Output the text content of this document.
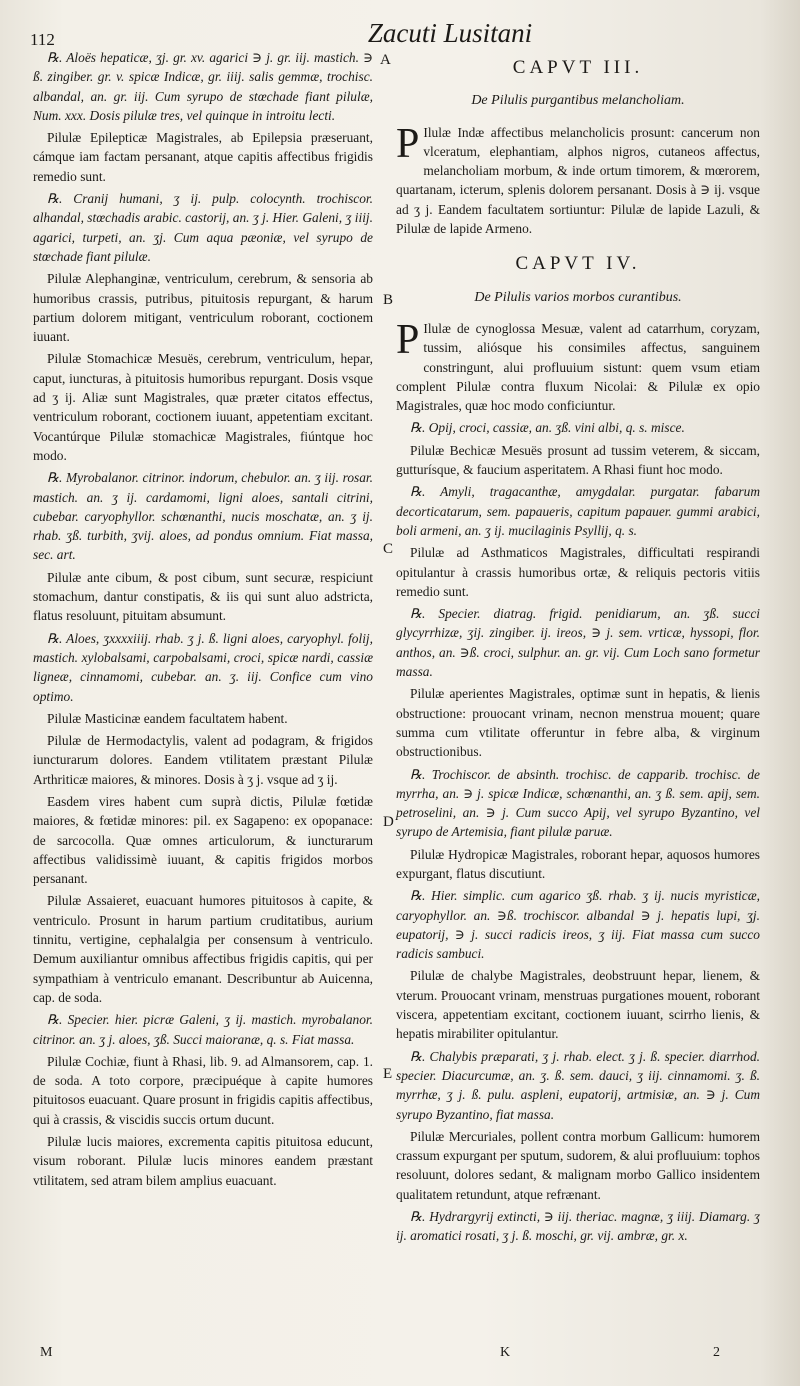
112	Zacuti Lusitani
A
B
C
D
E

℞. Aloës hepaticæ, ʒj. gr. xv. agarici ∋ j. gr. iij. mastich. ∋ ß. zingiber. gr. v. spicæ Indicæ, gr. iiij. salis gemmæ, trochisc. albandal, an. gr. iij. Cum syrupo de stœchade fiant pilulæ, Num. xxx. Dosis pilulæ tres, vel quinque in introitu lecti.

Pilulæ Epilepticæ Magistrales, ab Epilepsia præseruant, cámque iam factam persanant, atque capitis affectibus frigidis remedio sunt.

℞. Cranij humani, ʒ ij. pulp. colocynth. trochiscor. alhandal, stœchadis arabic. castorij, an. ʒ j. Hier. Galeni, ʒ iiij. agarici, turpeti, an. ʒj. Cum aqua pæoniæ, vel syrupo de stœchade fiant pilulæ.

Pilulæ Alephanginæ, ventriculum, cerebrum, & sensoria ab humoribus crassis, putribus, pituitosis repurgant, & harum partium dolorem mitigant, ventriculum roborant, coctionem iuuant.

Pilulæ Stomachicæ Mesuës, cerebrum, ventriculum, hepar, caput, iuncturas, à pituitosis humoribus repurgant. Dosis vsque ad ʒ ij. Aliæ sunt Magistrales, quæ præter citatos effectus, ventriculum roborant, coctionem iuuant, appetentiam excitant. Vocantúrque Pilulæ stomachicæ Magistrales, fiúntque hoc modo.

℞. Myrobalanor. citrinor. indorum, chebulor. an. ʒ iij. rosar. mastich. an. ʒ ij. cardamomi, ligni aloes, santali citrini, cubebar. caryophyllor. schœnanthi, nucis moschatæ, an. ʒ ij. rhab. ʒß. turbith, ʒvij. aloes, ad pondus omnium. Fiat massa, sec. art.

Pilulæ ante cibum, & post cibum, sunt securæ, respiciunt stomachum, dantur constipatis, & iis qui sunt aluo adstricta, flatus resoluunt, pituitam absumunt.

℞. Aloes, ʒxxxxiiij. rhab. ʒ j. ß. ligni aloes, caryophyl. folij, mastich. xylobalsami, carpobalsami, croci, spicæ nardi, cassiæ ligneæ, cinnamomi, cubebar. an. ʒ. iij. Confice cum vino optimo.

Pilulæ Masticinæ eandem facultatem habent.

Pilulæ de Hermodactylis, valent ad podagram, & frigidos iuncturarum dolores. Eandem vtilitatem præstant Pilulæ Arthriticæ maiores, & minores. Dosis à ʒ j. vsque ad ʒ ij.

Easdem vires habent cum suprà dictis, Pilulæ fœtidæ maiores, & fœtidæ minores: pil. ex Sagapeno: ex opopanace: de sarcocolla. Quæ omnes articulorum, & iuncturarum affectibus validissimè iuuant, & capitis frigidos morbos persanant.

Pilulæ Assaieret, euacuant humores pituitosos à capite, & ventriculo. Prosunt in harum partium cruditatibus, aurium tinnitu, vertigine, cephalalgia per consensum à ventriculo. Demum auxiliantur omnibus affectibus frigidis capitis, qui per sympathiam à ventriculo emanant. Describuntur ab Auicenna, cap. de soda.

℞. Specier. hier. picræ Galeni, ʒ ij. mastich. myrobalanor. citrinor. an. ʒ j. aloes, ʒß. Succi maioranæ, q. s. Fiat massa.

Pilulæ Cochiæ, fiunt à Rhasi, lib. 9. ad Almansorem, cap. 1. de soda. A toto corpore, præcipuéque à capite humores pituitosos euacuant. Quare prosunt in frigidis capitis affectibus, qui à crassis, & viscidis succis ortum ducunt.

Pilulæ lucis maiores, excrementa capitis pituitosa educunt, visum roborant. Pilulæ lucis minores eandem præstant vtilitatem, sed atram bilem amplius euacuant.

CAPVT III.
De Pilulis purgantibus melancholiam.

P Ilulæ Indæ affectibus melancholicis prosunt: cancerum non vlceratum, elephantiam, alphos nigros, cutaneos affectus, melancholiam morbum, & inde ortum timorem, & mœrorem, quartanam, icterum, splenis dolorem persanant. Dosis à ∋ ij. vsque ad ʒ j. Eandem facultatem sortiuntur: Pilulæ de lapide Lazuli, & Pilulæ de lapide Armeno.

CAPVT IV.
De Pilulis varios morbos curantibus.

P Ilulæ de cynoglossa Mesuæ, valent ad catarrhum, coryzam, tussim, aliósque his consimiles affectus, sanguinem constringunt, alui profluuium sistunt: quem vsum etiam complent Pilulæ contra fluxum Nicolai: & Pilulæ ex opio Magistrales, quæ hoc modo conficiuntur.

℞. Opij, croci, cassiæ, an. ʒß. vini albi, q. s. misce.

Pilulæ Bechicæ Mesuës prosunt ad tussim veterem, & siccam, gutturísque, & faucium asperitatem. A Rhasi fiunt hoc modo.

℞. Amyli, tragacanthæ, amygdalar. purgatar. fabarum decorticatarum, sem. papaueris, capitum papauer. gummi arabici, boli armeni, an. ʒ ij. mucilaginis Psyllij, q. s.

Pilulæ ad Asthmaticos Magistrales, difficultati respirandi opitulantur à crassis humoribus ortæ, & reliquis pectoris vitiis remedio sunt.

℞. Specier. diatrag. frigid. penidiarum, an. ʒß. succi glycyrrhizæ, ʒij. zingiber. ij. ireos, ∋ j. sem. vrticæ, hyssopi, flor. anthos, an. ∋ß. croci, sulphur. an. gr. vij. Cum Loch sano formetur massa.

Pilulæ aperientes Magistrales, optimæ sunt in hepatis, & lienis obstructione: prouocant vrinam, necnon menstrua mouent; quare summa cum vtilitate offeruntur in febre alba, & virginum obstructionibus.

℞. Trochiscor. de absinth. trochisc. de capparib. trochisc. de myrrha, an. ∋ j. spicæ Indicæ, schœnanthi, an. ʒ ß. sem. apij, sem. petroselini, an. ∋ j. Cum succo Apij, vel syrupo Byzantino, vel syrupo de Artemisia, fiant pilulæ paruæ.

Pilulæ Hydropicæ Magistrales, roborant hepar, aquosos humores expurgant, flatus discutiunt.

℞. Hier. simplic. cum agarico ʒß. rhab. ʒ ij. nucis myristicæ, caryophyllor. an. ∋ß. trochiscor. albandal ∋ j. hepatis lupi, ʒj. eupatorij, ∋ j. succi radicis ireos, ʒ iij. Fiat massa cum succo radicis sambuci.

Pilulæ de chalybe Magistrales, deobstruunt hepar, lienem, & vterum. Prouocant vrinam, menstruas purgationes mouent, roborant viscera, appetentiam excitant, coctionem iuuant, scirrho lienis, & hepatis mirabiliter opitulantur.

℞. Chalybis præparati, ʒ j. rhab. elect. ʒ j. ß. specier. diarrhod. specier. Diacurcumæ, an. ʒ. ß. sem. dauci, ʒ iij. cinnamomi. ʒ. ß. myrrhæ, ʒ j. ß. pulu. aspleni, eupatorij, artmisiæ, an. ∋ j. Cum syrupo Byzantino, fiat massa.

Pilulæ Mercuriales, pollent contra morbum Gallicum: humorem crassum expurgant per sputum, sudorem, & alui profluuium: tophos resoluunt, dolores sedant, & malignam morbo Gallico insidentem qualitatem retundunt, atque refrænant.

℞. Hydrargyrij extincti, ∋ iij. theriac. magnæ, ʒ iiij. Diamarg. ʒ ij. aromatici rosati, ʒ j. ß. moschi, gr. vij. ambræ, gr. x.

M	K	2
